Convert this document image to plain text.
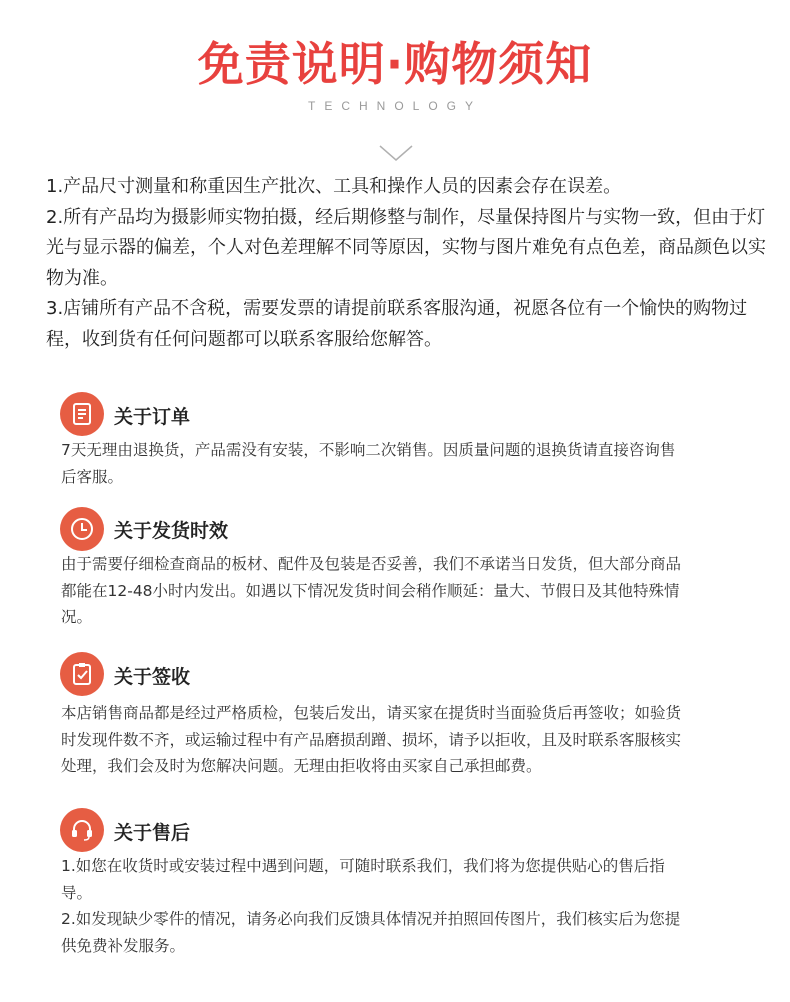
免责说明·购物须知
TECHNOLOGY

1.产品尺寸测量和称重因生产批次、工具和操作人员的因素会存在误差。

2.所有产品均为摄影师实物拍摄，经后期修整与制作，尽量保持图片与实物一致，但由于灯光与显示器的偏差，个人对色差理解不同等原因，实物与图片难免有点色差，商品颜色以实物为准。

3.店铺所有产品不含税，需要发票的请提前联系客服沟通，祝愿各位有一个愉快的购物过程，收到货有任何问题都可以联系客服给您解答。

关于订单

7天无理由退换货，产品需没有安装，不影响二次销售。因质量问题的退换货请直接咨询售后客服。

关于发货时效

由于需要仔细检查商品的板材、配件及包装是否妥善，我们不承诺当日发货，但大部分商品都能在12-48小时内发出。如遇以下情况发货时间会稍作顺延：量大、节假日及其他特殊情况。

关于签收

本店销售商品都是经过严格质检，包装后发出，请买家在提货时当面验货后再签收；如验货时发现件数不齐，或运输过程中有产品磨损刮蹭、损坏，请予以拒收，且及时联系客服核实处理，我们会及时为您解决问题。无理由拒收将由买家自己承担邮费。

关于售后

1.如您在收货时或安装过程中遇到问题，可随时联系我们，我们将为您提供贴心的售后指导。

2.如发现缺少零件的情况，请务必向我们反馈具体情况并拍照回传图片，我们核实后为您提供免费补发服务。
